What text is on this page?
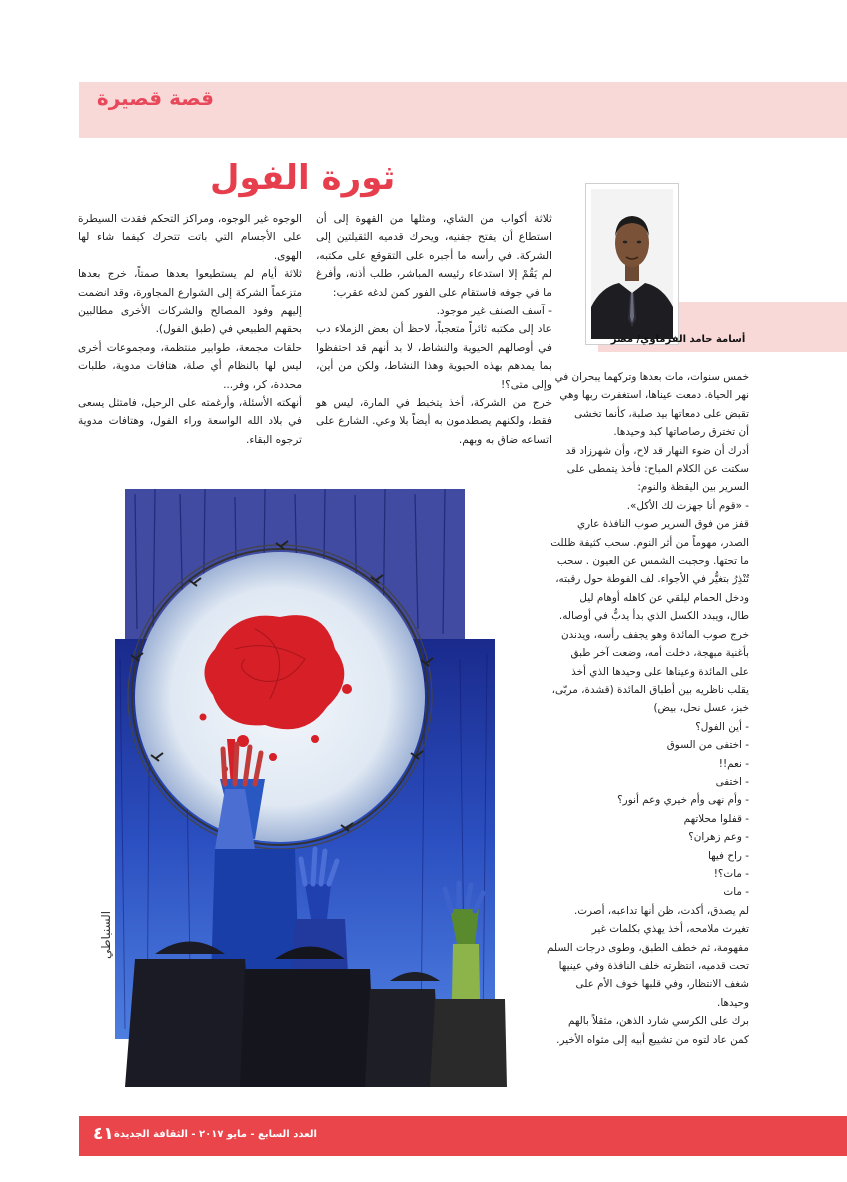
قصة قصيرة
ثورة الفول
أسامة حامد الفرماوي/ مصر

خمس سنوات، مات بعدها وتركهما يبحران في

نهر الحياة. دمعت عيناها، استغفرت ربها وهي

تقبض على دمعاتها بيد صلبة، كأنما تخشى

أن تخترق رصاصاتها كبد وحيدها.

أدرك أن ضوء النهار قد لاح، وأن شهرزاد قد

سكتت عن الكلام المباح: فأخذ يتمطى على

السرير بين اليقظة والنوم:

- «قوم أنا جهزت لك الأكل».

قفز من فوق السرير صوب النافذة عاري

الصدر، مهوماً من أثر النوم. سحب كثيفة ظللت

ما تحتها. وحجبت الشمس عن العيون . سحب

تُنْذِرُ بتغيُّر في الأجواء. لف الفوطة حول رقبته،

ودخل الحمام ليلقي عن كاهله أوهام ليل

طال، ويبدد الكسل الذي بدأ يدبُّ في أوصاله.

خرج صوب المائدة وهو يجفف رأسه، ويدندن

بأغنية مبهجة، دخلت أمه، وضعت آخر طبق

على المائدة وعيناها على وحيدها الذي أخذ

يقلب ناظريه بين أطباق المائدة (قشدة، مربّى،

خبز، عسل نحل، بيض)

- أين الفول؟

- اختفى من السوق

- نعم!!

- اختفى

- وأم نهى وأم خيري وعم أنور؟

- قفلوا محلاتهم

- وعم زهران؟

- راح فيها

- مات؟!

- مات

لم يصدق، أكدت، ظن أنها تداعبه، أصرت.

تغيرت ملامحه، أخذ يهذي بكلمات غير

مفهومة، ثم خطف الطبق، وطوى درجات السلم

تحت قدميه، انتظرته خلف النافذة وفي عينيها

شغف الانتظار، وفي قلبها خوف الأم على

وحيدها.

برك على الكرسي شارد الذهن، مثقلاً بالهم

كمن عاد لتوه من تشييع أبيه إلى مثواه الأخير.

ثلاثة أكواب من الشاي، ومثلها من القهوة إلى أن استطاع أن يفتح جفنيه، ويحرك قدميه الثقيلتين إلى الشركة. في رأسه ما أجبره على التقوقع على مكتبه، لم يَقُمْ إلا استدعاء رئيسه المباشر، طلب أذنه، وأفرغ ما في جوفه فاستقام على الفور كمن لدغه عقرب:

- آسف الصنف غير موجود.

عاد إلى مكتبه ثائراً متعجباً، لاحظ أن بعض الزملاء دب في أوصالهم الحيوية والنشاط، لا بد أنهم قد احتفظوا بما يمدهم بهذه الحيوية وهذا النشاط، ولكن من أين، وإلى متى؟!

خرج من الشركة، أخذ يتخبط في المارة، ليس هو فقط، ولكنهم يصطدمون به أيضاً بلا وعي. الشارع على اتساعه ضاق به وبهم.

الوجوه غير الوجوه، ومراكز التحكم فقدت السيطرة على الأجسام التي باتت تتحرك كيفما شاء لها الهوى.

ثلاثة أيام لم يستطيعوا بعدها صمتاً، خرج بعدها متزعماً الشركة إلى الشوارع المجاورة، وقد انضمت إليهم وفود المصالح والشركات الأخرى مطالبين بحقهم الطبيعي في (طبق الفول).

حلقات مجمعة، طوابير منتظمة، ومجموعات أخرى ليس لها بالنظام أي صلة، هتافات مدوية، طلبات محددة، كر، وفر...

أنهكته الأسئلة، وأرغمته على الرحيل، فامتثل يسعى في بلاد الله الواسعة وراء الفول، وهتافات مدوية ترجوه البقاء.

السنباطي
العدد السابع - مايو ٢٠١٧ - الثقافة الجديدة
٤١
